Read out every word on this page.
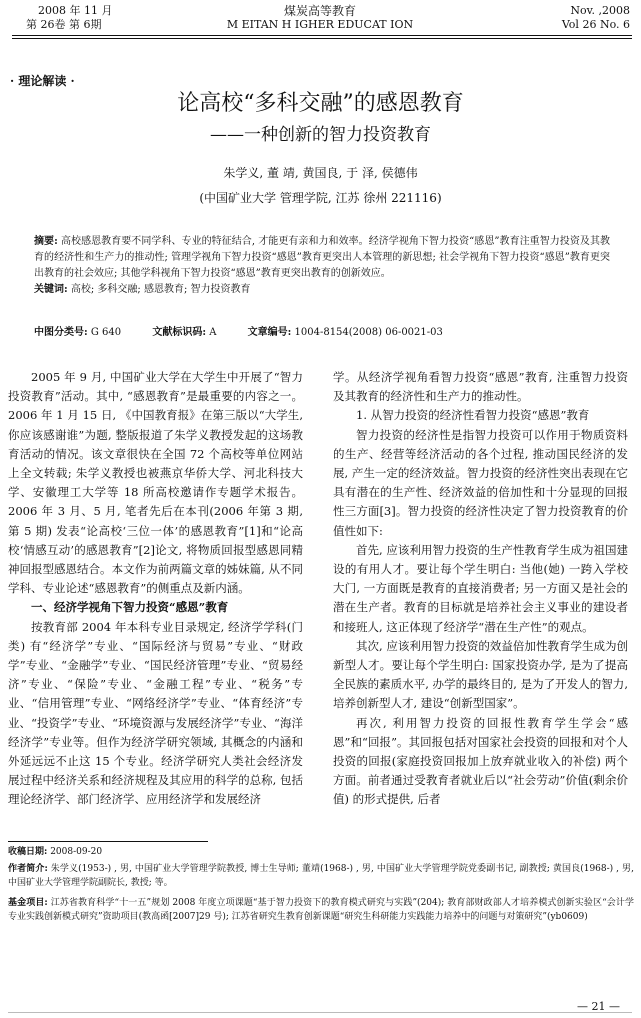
2008 年 11 月
第 26卷 第 6期
煤炭高等教育
M EITAN H IGHER EDUCAT ION
Nov. ,2008
Vol 26 No. 6
· 理论解读 ·
论高校“多科交融”的感恩教育
——一种创新的智力投资教育
朱学义, 董 靖, 黄国良, 于 泽, 侯德伟
(中国矿业大学 管理学院, 江苏 徐州 221116)
摘要: 高校感恩教育要不同学科、专业的特征结合, 才能更有亲和力和效率。经济学视角下智力投资“感恩”教育注重智力投资及其教育的经济性和生产力的推动性; 管理学视角下智力投资“感恩”教育更突出人本管理的新思想; 社会学视角下智力投资“感恩”教育更突出教育的社会效应; 其他学科视角下智力投资“感恩”教育更突出教育的创新效应。
关键词: 高校; 多科交融; 感恩教育; 智力投资教育
中图分类号: G 640	文献标识码: A	文章编号: 1004-8154(2008) 06-0021-03

2005 年 9 月, 中国矿业大学在大学生中开展了“智力投资教育”活动。其中, “感恩教育”是最重要的内容之一。2006 年 1 月 15 日, 《中国教育报》在第三版以“大学生, 你应该感谢谁”为题, 整版报道了朱学义教授发起的这场教育活动的情况。该文章很快在全国 72 个高校等单位网站上全文转载; 朱学义教授也被燕京华侨大学、河北科技大学、安徽理工大学等 18 所高校邀请作专题学术报告。2006 年 3 月、5 月, 笔者先后在本刊(2006 年第 3 期, 第 5 期) 发表“论高校‘三位一体’的感恩教育”[1]和“论高校‘情感互动’的感恩教育”[2]论文, 将物质回报型感恩同精神回报型感恩结合。本文作为前两篇文章的姊妹篇, 从不同学科、专业论述“感恩教育”的侧重点及新内涵。

一、经济学视角下智力投资“感恩”教育

按教育部 2004 年本科专业目录规定, 经济学学科(门类) 有“经济学”专业、“国际经济与贸易”专业、“财政学”专业、“金融学”专业、“国民经济管理”专业、“贸易经济”专业、“保险”专业、“金融工程”专业、“税务”专业、“信用管理”专业、“网络经济学”专业、“体育经济”专业、“投资学”专业、“环境资源与发展经济学”专业、“海洋经济学”专业等。但作为经济学研究领域, 其概念的内涵和外延远远不止这 15 个专业。经济学研究人类社会经济发展过程中经济关系和经济规程及其应用的科学的总称, 包括理论经济学、部门经济学、应用经济学和发展经济

学。从经济学视角看智力投资“感恩”教育, 注重智力投资及其教育的经济性和生产力的推动性。

1. 从智力投资的经济性看智力投资“感恩”教育

智力投资的经济性是指智力投资可以作用于物质资料的生产、经营等经济活动的各个过程, 推动国民经济的发展, 产生一定的经济效益。智力投资的经济性突出表现在它具有潜在的生产性、经济效益的倍加性和十分显现的回报性三方面[3]。智力投资的经济性决定了智力投资教育的价值性如下:

首先, 应该利用智力投资的生产性教育学生成为祖国建设的有用人才。要让每个学生明白: 当他(她) 一跨入学校大门, 一方面既是教育的直接消费者; 另一方面又是社会的潜在生产者。教育的目标就是培养社会主义事业的建设者和接班人, 这正体现了经济学“潜在生产性”的观点。

其次, 应该利用智力投资的效益倍加性教育学生成为创新型人才。要让每个学生明白: 国家投资办学, 是为了提高全民族的素质水平, 办学的最终目的, 是为了开发人的智力, 培养创新型人才, 建设“创新型国家”。

再次, 利用智力投资的回报性教育学生学会“感恩”和“回报”。其回报包括对国家社会投资的回报和对个人投资的回报(家庭投资回报加上放弃就业收入的补偿) 两个方面。前者通过受教育者就业后以“社会劳动”价值(剩余价值) 的形式提供, 后者

收稿日期: 2008-09-20
作者简介: 朱学义(1953-) , 男, 中国矿业大学管理学院教授, 博士生导师; 董靖(1968-) , 男, 中国矿业大学管理学院党委副书记, 副教授; 黄国良(1968-) , 男, 中国矿业大学管理学院副院长, 教授; 等。
基金项目: 江苏省教育科学“十一五”规划 2008 年度立项课题“基于智力投资下的教育模式研究与实践”(204); 教育部财政部人才培养模式创新实验区“会计学专业实践创新模式研究”资助项目(教高函[2007]29 号); 江苏省研究生教育创新课题“研究生科研能力实践能力培养中的问题与对策研究”(yb0609)
— 21 —
